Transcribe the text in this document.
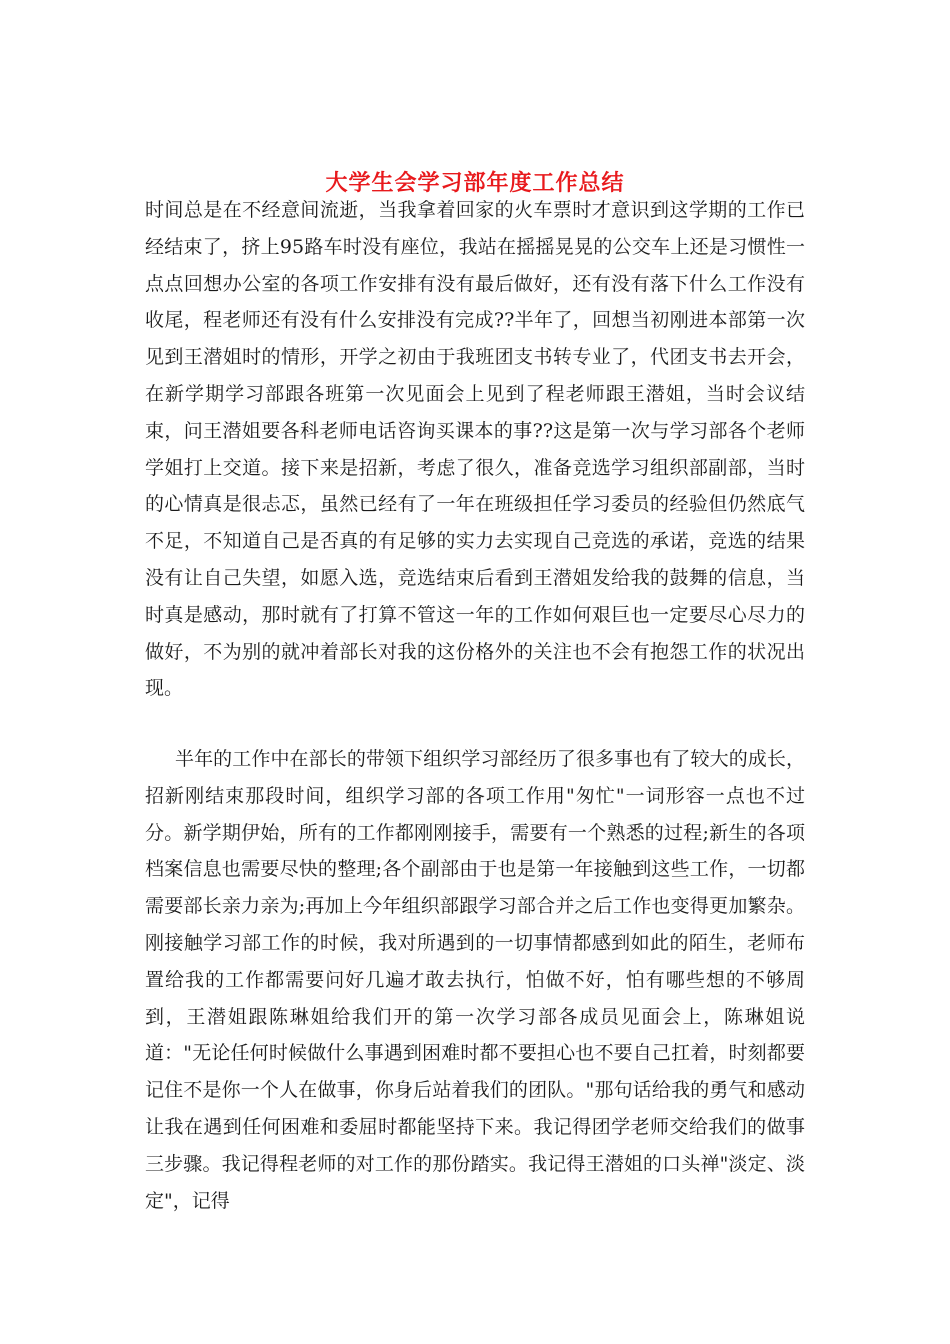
大学生会学习部年度工作总结

时间总是在不经意间流逝，当我拿着回家的火车票时才意识到这学期的工作已经结束了，挤上95路车时没有座位，我站在摇摇晃晃的公交车上还是习惯性一点点回想办公室的各项工作安排有没有最后做好，还有没有落下什么工作没有收尾，程老师还有没有什么安排没有完成??半年了，回想当初刚进本部第一次见到王潜姐时的情形，开学之初由于我班团支书转专业了，代团支书去开会，在新学期学习部跟各班第一次见面会上见到了程老师跟王潜姐，当时会议结束，问王潜姐要各科老师电话咨询买课本的事??这是第一次与学习部各个老师学姐打上交道。接下来是招新，考虑了很久，准备竞选学习组织部副部，当时的心情真是很忐忑，虽然已经有了一年在班级担任学习委员的经验但仍然底气不足，不知道自己是否真的有足够的实力去实现自己竞选的承诺，竞选的结果没有让自己失望，如愿入选，竞选结束后看到王潜姐发给我的鼓舞的信息，当时真是感动，那时就有了打算不管这一年的工作如何艰巨也一定要尽心尽力的做好，不为别的就冲着部长对我的这份格外的关注也不会有抱怨工作的状况出现。

半年的工作中在部长的带领下组织学习部经历了很多事也有了较大的成长，招新刚结束那段时间，组织学习部的各项工作用"匆忙"一词形容一点也不过分。新学期伊始，所有的工作都刚刚接手，需要有一个熟悉的过程;新生的各项档案信息也需要尽快的整理;各个副部由于也是第一年接触到这些工作，一切都需要部长亲力亲为;再加上今年组织部跟学习部合并之后工作也变得更加繁杂。刚接触学习部工作的时候，我对所遇到的一切事情都感到如此的陌生，老师布置给我的工作都需要问好几遍才敢去执行，怕做不好，怕有哪些想的不够周到，王潜姐跟陈琳姐给我们开的第一次学习部各成员见面会上，陈琳姐说道："无论任何时候做什么事遇到困难时都不要担心也不要自己扛着，时刻都要记住不是你一个人在做事，你身后站着我们的团队。"那句话给我的勇气和感动让我在遇到任何困难和委屈时都能坚持下来。我记得团学老师交给我们的做事三步骤。我记得程老师的对工作的那份踏实。我记得王潜姐的口头禅"淡定、淡定"，记得
